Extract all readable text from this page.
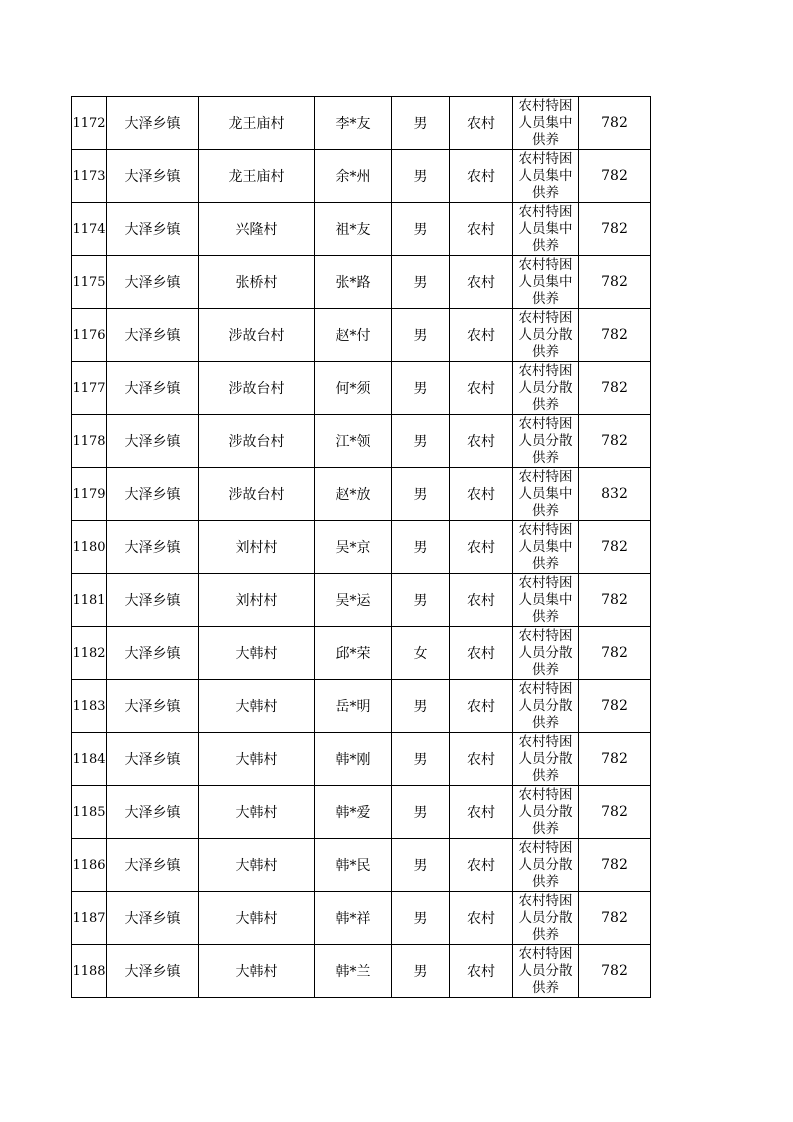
1172	大泽乡镇	龙王庙村	李*友	男	农村	农村特困人员集中供养	782
1173	大泽乡镇	龙王庙村	余*州	男	农村	农村特困人员集中供养	782
1174	大泽乡镇	兴隆村	祖*友	男	农村	农村特困人员集中供养	782
1175	大泽乡镇	张桥村	张*路	男	农村	农村特困人员集中供养	782
1176	大泽乡镇	涉故台村	赵*付	男	农村	农村特困人员分散供养	782
1177	大泽乡镇	涉故台村	何*须	男	农村	农村特困人员分散供养	782
1178	大泽乡镇	涉故台村	江*领	男	农村	农村特困人员分散供养	782
1179	大泽乡镇	涉故台村	赵*放	男	农村	农村特困人员集中供养	832
1180	大泽乡镇	刘村村	吴*京	男	农村	农村特困人员集中供养	782
1181	大泽乡镇	刘村村	吴*运	男	农村	农村特困人员集中供养	782
1182	大泽乡镇	大韩村	邱*荣	女	农村	农村特困人员分散供养	782
1183	大泽乡镇	大韩村	岳*明	男	农村	农村特困人员分散供养	782
1184	大泽乡镇	大韩村	韩*刚	男	农村	农村特困人员分散供养	782
1185	大泽乡镇	大韩村	韩*爱	男	农村	农村特困人员分散供养	782
1186	大泽乡镇	大韩村	韩*民	男	农村	农村特困人员分散供养	782
1187	大泽乡镇	大韩村	韩*祥	男	农村	农村特困人员分散供养	782
1188	大泽乡镇	大韩村	韩*兰	男	农村	农村特困人员分散供养	782
